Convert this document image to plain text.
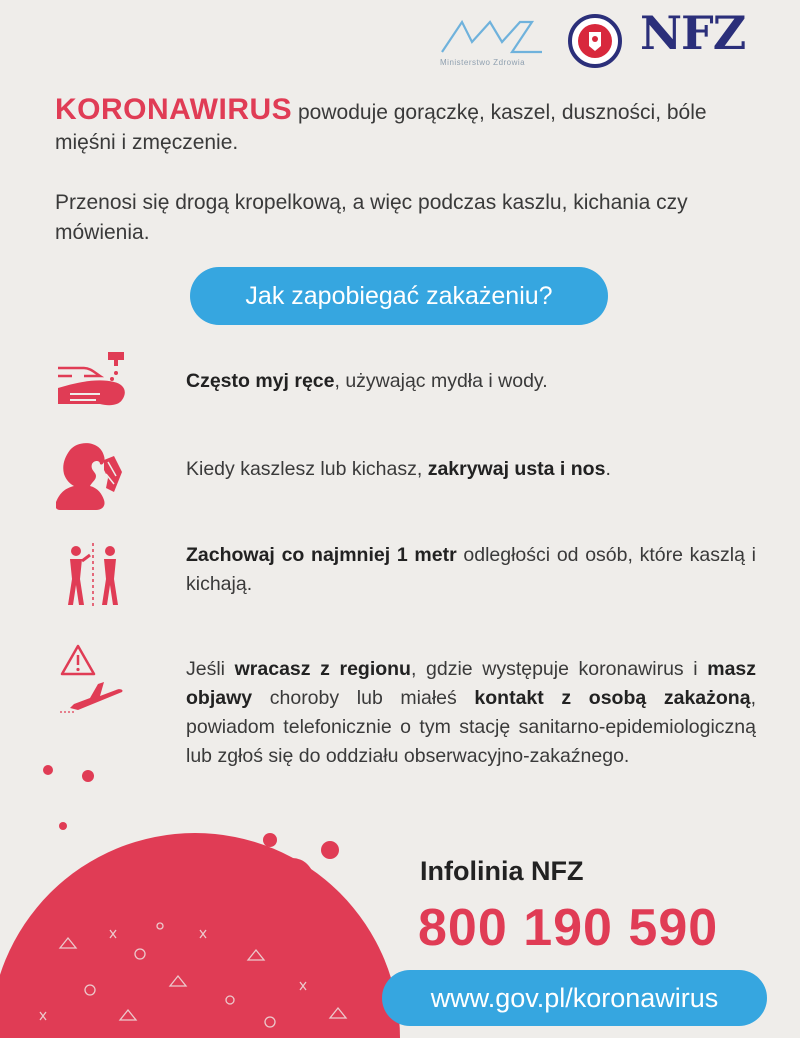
Ministerstwo Zdrowia
NFZ
KORONAWIRUS powoduje gorączkę, kaszel, duszności, bóle mięśni i zmęczenie.
Przenosi się drogą kropelkową, a więc podczas kaszlu, kichania czy mówienia.
Jak zapobiegać zakażeniu?
Często myj ręce, używając mydła i wody.
Kiedy kaszlesz lub kichasz, zakrywaj usta i nos.
Zachowaj co najmniej 1 metr odległości od osób, które kaszlą i kichają.
Jeśli wracasz z regionu, gdzie występuje koronawirus i masz objawy choroby lub miałeś kontakt z osobą zakażoną, powiadom telefonicznie o tym stację sanitarno-epidemiologiczną lub zgłoś się do oddziału obserwacyjno-zakaźnego.
Infolinia NFZ
800 190 590
www.gov.pl/koronawirus
